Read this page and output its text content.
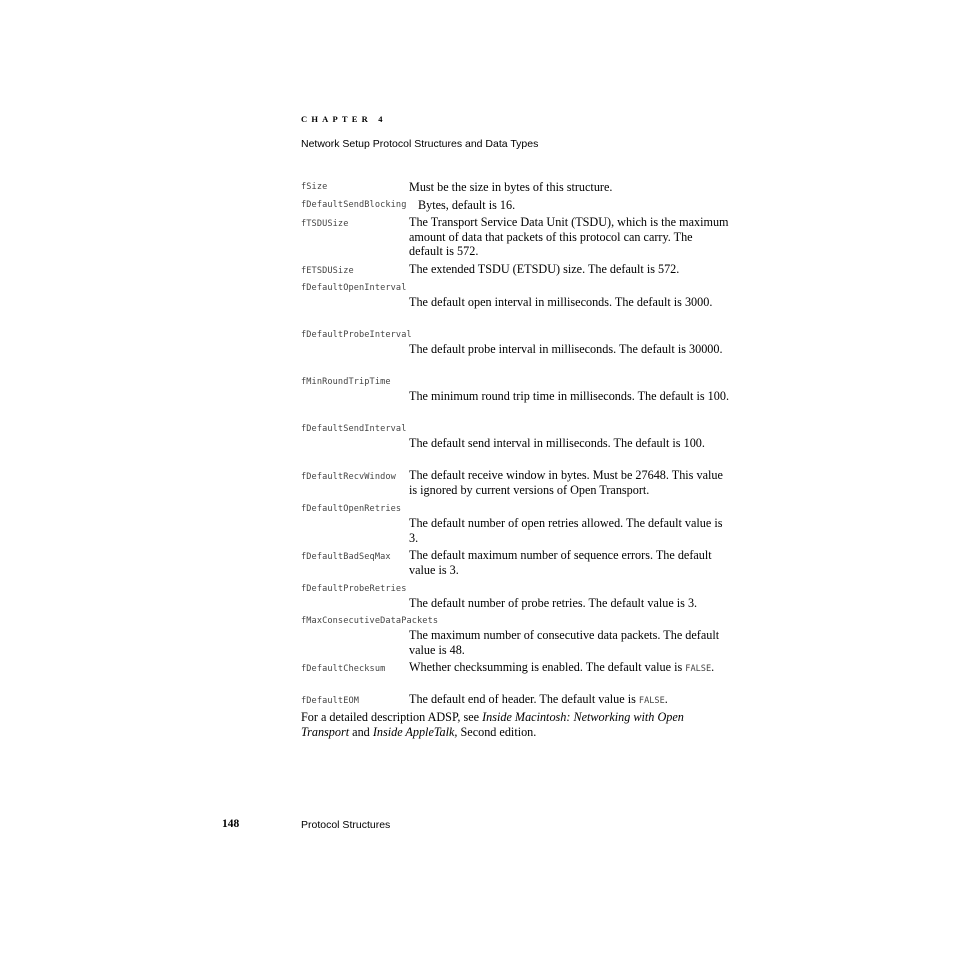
CHAPTER 4
Network Setup Protocol Structures and Data Types
fSize	Must be the size in bytes of this structure.
fDefaultSendBlocking Bytes, default is 16.
fTSDUSize	The Transport Service Data Unit (TSDU), which is the maximum amount of data that packets of this protocol can carry. The default is 572.
fETSDUSize	The extended TSDU (ETSDU) size. The default is 572.
fDefaultOpenInterval
The default open interval in milliseconds. The default is 3000.
fDefaultProbeInterval
The default probe interval in milliseconds. The default is 30000.
fMinRoundTripTime
The minimum round trip time in milliseconds. The default is 100.
fDefaultSendInterval
The default send interval in milliseconds. The default is 100.
fDefaultRecvWindow The default receive window in bytes. Must be 27648. This value is ignored by current versions of Open Transport.
fDefaultOpenRetries
The default number of open retries allowed. The default value is 3.
fDefaultBadSeqMax The default maximum number of sequence errors. The default value is 3.
fDefaultProbeRetries
The default number of probe retries. The default value is 3.
fMaxConsecutiveDataPackets
The maximum number of consecutive data packets. The default value is 48.
fDefaultChecksum Whether checksumming is enabled. The default value is FALSE.
fDefaultEOM	The default end of header. The default value is FALSE.
For a detailed description ADSP, see Inside Macintosh: Networking with Open Transport and Inside AppleTalk, Second edition.
148	Protocol Structures
